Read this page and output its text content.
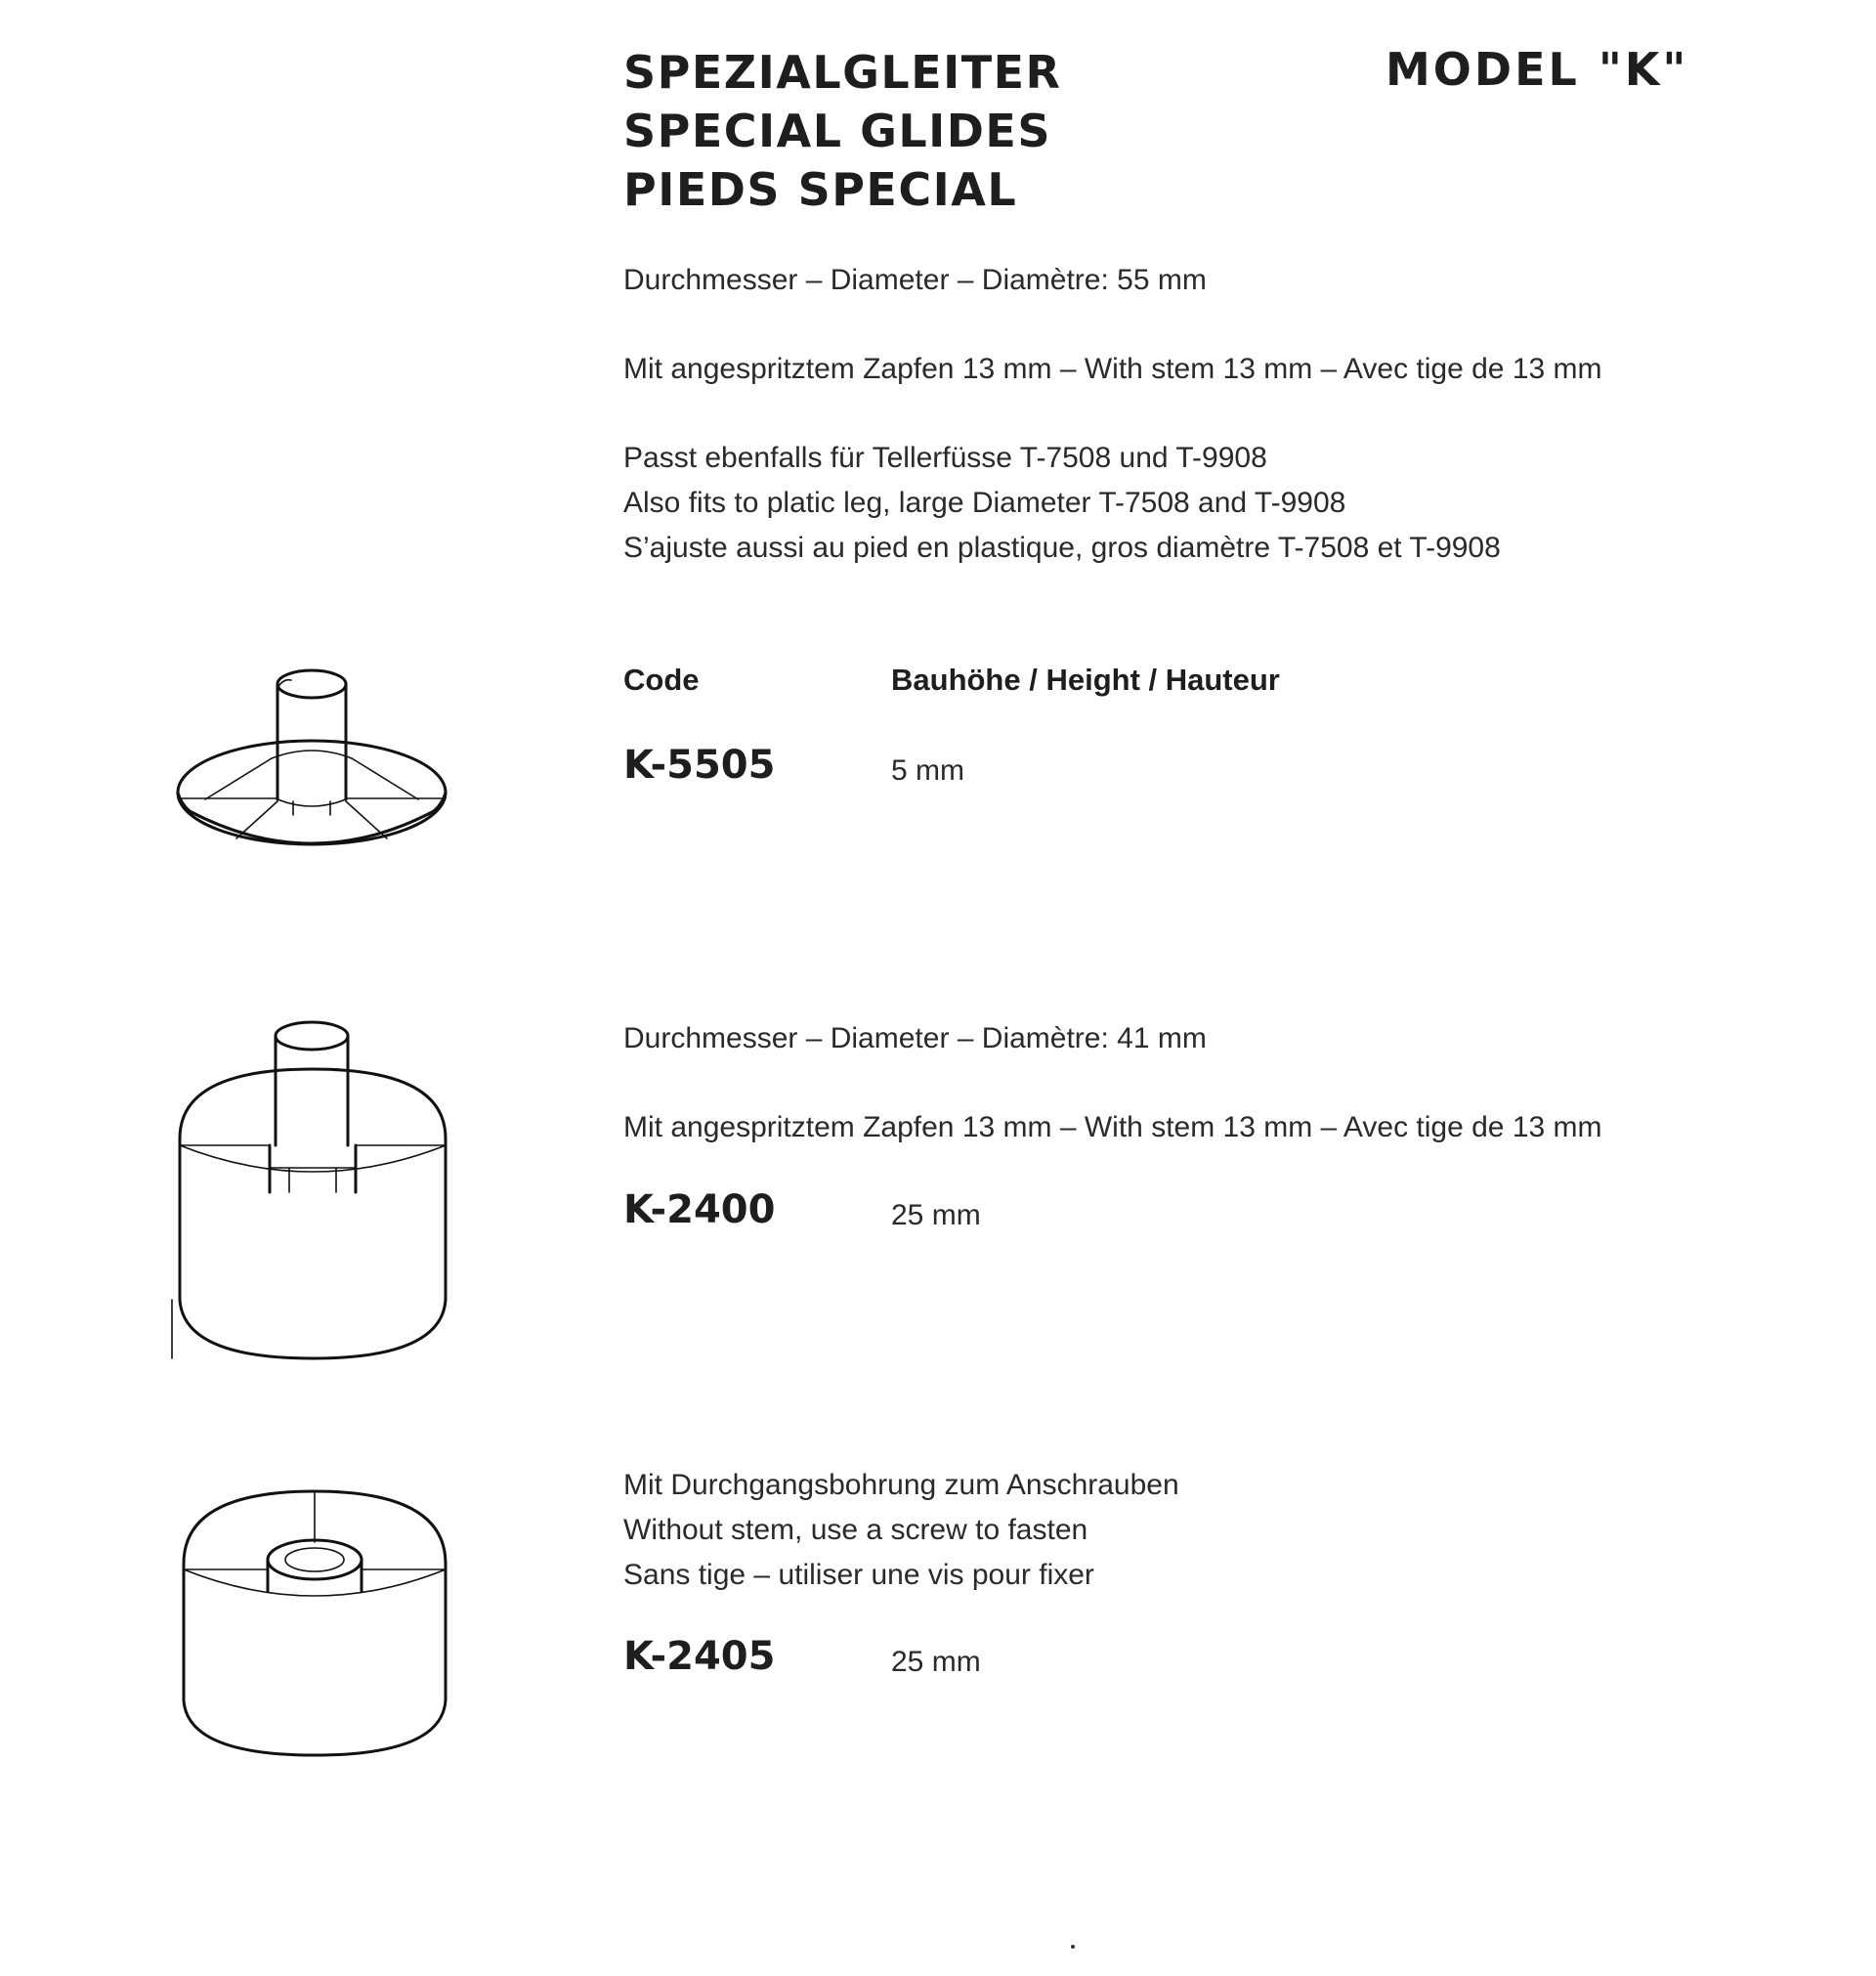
SPEZIALGLEITER
SPECIAL GLIDES
PIEDS SPECIAL
MODEL "K"
Durchmesser – Diameter – Diamètre: 55 mm
Mit angespritztem Zapfen 13 mm – With stem 13 mm – Avec tige de 13 mm
Passt ebenfalls für Tellerfüsse T-7508 und T-9908
Also fits to platic leg, large Diameter T-7508 and T-9908
S’ajuste aussi au pied en plastique, gros diamètre T-7508 et T-9908
Code	Bauhöhe / Height / Hauteur
K-5505	5 mm
Durchmesser – Diameter – Diamètre: 41 mm
Mit angespritztem Zapfen 13 mm – With stem 13 mm – Avec tige de 13 mm
K-2400	25 mm
Mit Durchgangsbohrung zum Anschrauben
Without stem, use a screw to fasten
Sans tige – utiliser une vis pour fixer
K-2405	25 mm
